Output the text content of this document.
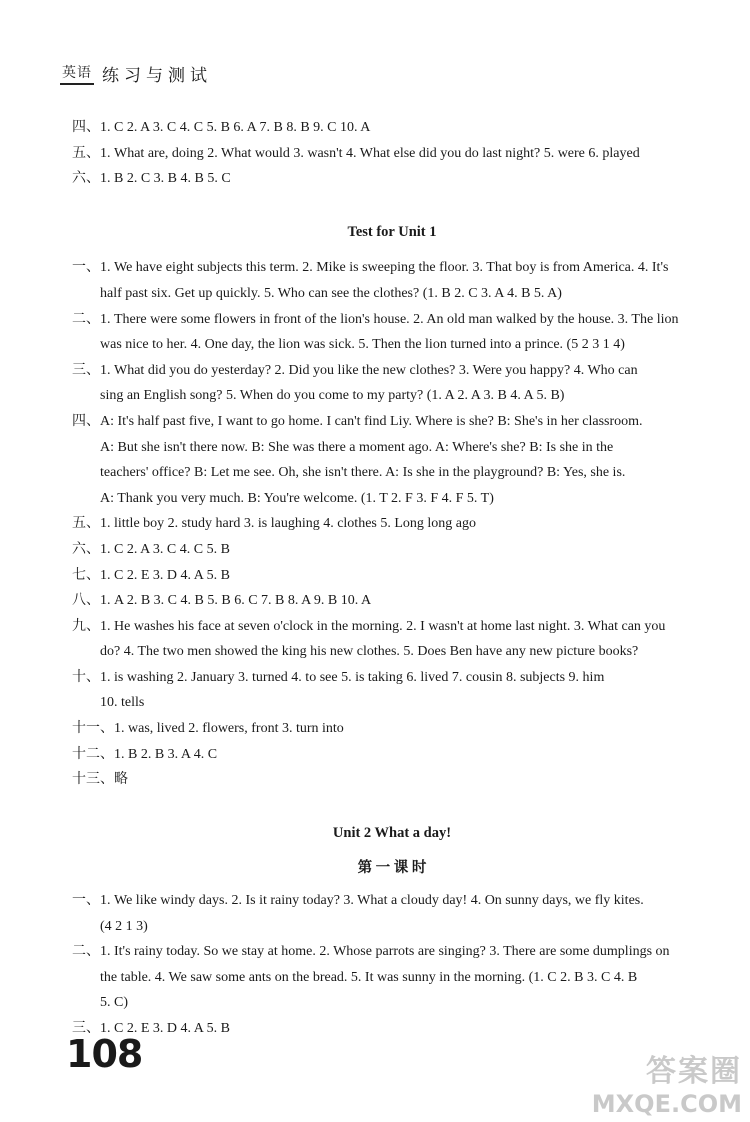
英语 练习与测试
四、1. C 2. A 3. C 4. C 5. B 6. A 7. B 8. B 9. C 10. A
五、1. What are, doing 2. What would 3. wasn't 4. What else did you do last night? 5. were 6. played
六、1. B 2. C 3. B 4. B 5. C
Test for Unit 1
一、1. We have eight subjects this term. 2. Mike is sweeping the floor. 3. That boy is from America. 4. It's
half past six. Get up quickly. 5. Who can see the clothes? (1. B 2. C 3. A 4. B 5. A)
二、1. There were some flowers in front of the lion's house. 2. An old man walked by the house. 3. The lion
was nice to her. 4. One day, the lion was sick. 5. Then the lion turned into a prince. (5 2 3 1 4)
三、1. What did you do yesterday? 2. Did you like the new clothes? 3. Were you happy? 4. Who can
sing an English song? 5. When do you come to my party? (1. A 2. A 3. B 4. A 5. B)
四、A: It's half past five, I want to go home. I can't find Liy. Where is she? B: She's in her classroom.
A: But she isn't there now. B: She was there a moment ago. A: Where's she? B: Is she in the
teachers' office? B: Let me see. Oh, she isn't there. A: Is she in the playground? B: Yes, she is.
A: Thank you very much. B: You're welcome. (1. T 2. F 3. F 4. F 5. T)
五、1. little boy 2. study hard 3. is laughing 4. clothes 5. Long long ago
六、1. C 2. A 3. C 4. C 5. B
七、1. C 2. E 3. D 4. A 5. B
八、1. A 2. B 3. C 4. B 5. B 6. C 7. B 8. A 9. B 10. A
九、1. He washes his face at seven o'clock in the morning. 2. I wasn't at home last night. 3. What can you
do? 4. The two men showed the king his new clothes. 5. Does Ben have any new picture books?
十、1. is washing 2. January 3. turned 4. to see 5. is taking 6. lived 7. cousin 8. subjects 9. him
10. tells
十一、1. was, lived 2. flowers, front 3. turn into
十二、1. B 2. B 3. A 4. C
十三、略
Unit 2 What a day!
第 一 课 时
一、1. We like windy days. 2. Is it rainy today? 3. What a cloudy day! 4. On sunny days, we fly kites.
(4 2 1 3)
二、1. It's rainy today. So we stay at home. 2. Whose parrots are singing? 3. There are some dumplings on
the table. 4. We saw some ants on the bread. 5. It was sunny in the morning. (1. C 2. B 3. C 4. B
5. C)
三、1. C 2. E 3. D 4. A 5. B
108	答案圈
MXQE.COM
